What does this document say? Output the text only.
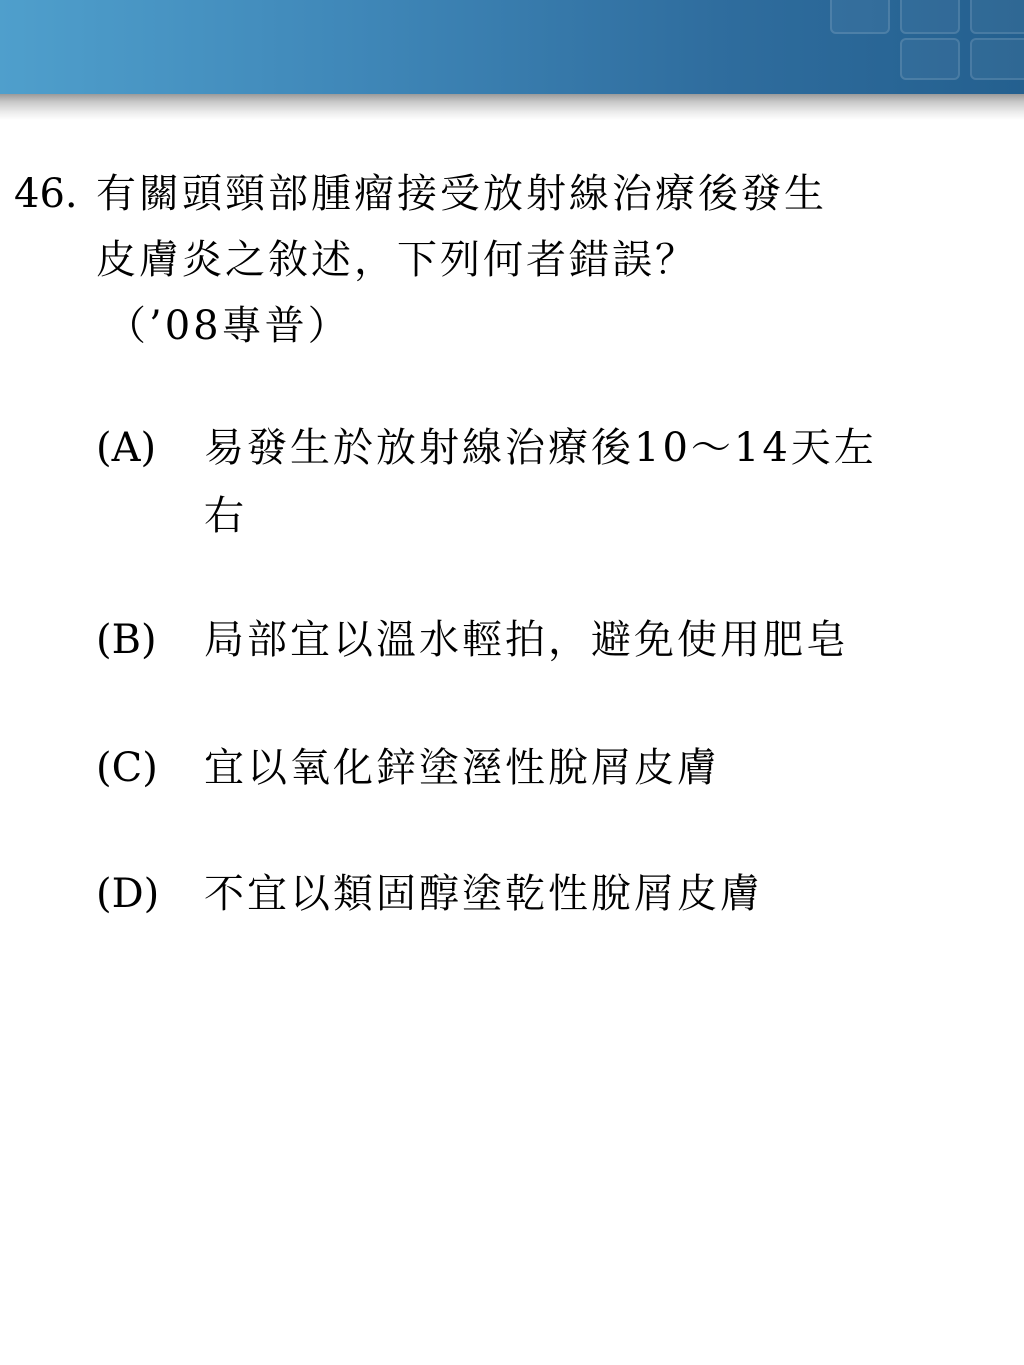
46. 有關頭頸部腫瘤接受放射線治療後發生
皮膚炎之敘述，下列何者錯誤？
（’08專普）
(A) 易發生於放射線治療後10～14天左
右
(B) 局部宜以溫水輕拍，避免使用肥皂
(C) 宜以氧化鋅塗溼性脫屑皮膚
(D) 不宜以類固醇塗乾性脫屑皮膚
